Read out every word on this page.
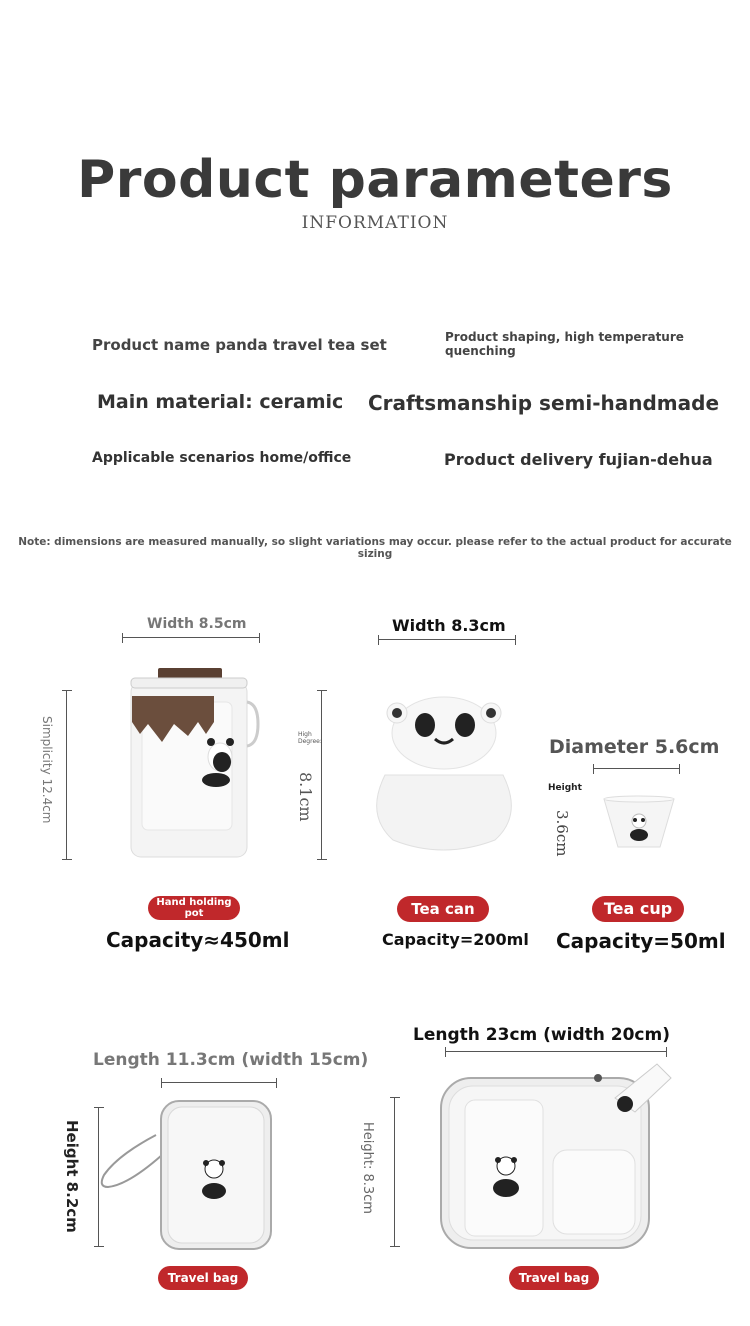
Product parameters
INFORMATION
Product name panda travel tea set	Product shaping, high temperature quenching
Main material: ceramic Craftsmanship semi-handmade
Applicable scenarios home/office	Product delivery fujian-dehua
Note: dimensions are measured manually, so slight variations may occur. please refer to the actual product for accurate sizing
Width 8.5cm
Simplicity 12.4cm
Hand holding pot
Capacity≈450ml
Width 8.3cm
High Degree:
8.1cm
Tea can
Capacity=200ml
Diameter 5.6cm
Height
3.6cm
Tea cup
Capacity=50ml
Length 11.3cm (width 15cm)
Height 8.2cm
Travel bag
Length 23cm (width 20cm)
Height: 8.3cm
Travel bag
